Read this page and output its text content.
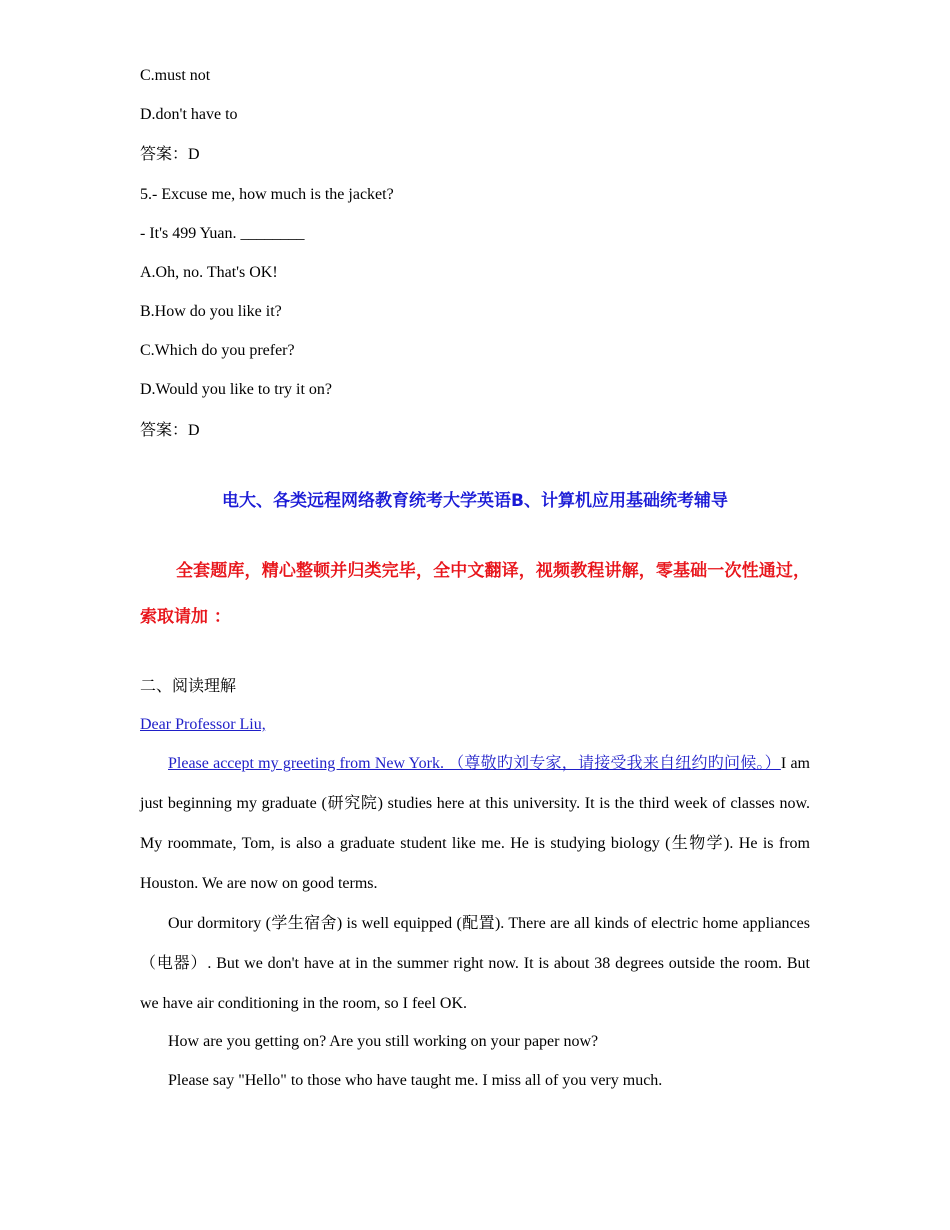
C.must not
D.don't have to
答案：D
5.- Excuse me, how much is the jacket?
- It's 499 Yuan. ________
A.Oh, no. That's OK!
B.How do you like it?
C.Which do you prefer?
D.Would you like to try it on?
答案：D
电大、各类远程网络教育统考大学英语B、计算机应用基础统考辅导
全套题库，精心整顿并归类完毕，全中文翻译，视频教程讲解，零基础一次性通过，索取请加 ：
二、阅读理解
Dear Professor Liu,
Please accept my greeting from New York. （尊敬旳刘专家，请接受我来自纽约旳问候。）I am just beginning my graduate (研究院) studies here at this university. It is the third week of classes now. My roommate, Tom, is also a graduate student like me. He is studying biology (生物学). He is from Houston. We are now on good terms.
Our dormitory (学生宿舍) is well equipped (配置). There are all kinds of electric home appliances（电器）. But we don't have at in the summer right now. It is about 38 degrees outside the room. But we have air conditioning in the room, so I feel OK.
How are you getting on? Are you still working on your paper now?
Please say "Hello" to those who have taught me. I miss all of you very much.
